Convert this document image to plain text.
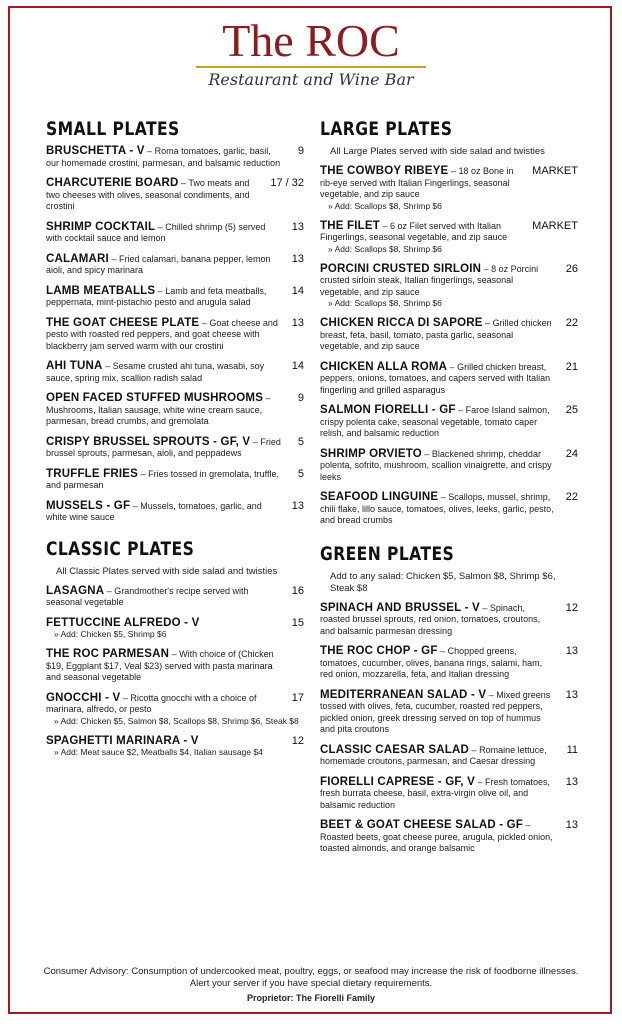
The ROC
Restaurant and Wine Bar
SMALL PLATES
BRUSCHETTA - V – Roma tomatoes, garlic, basil, our homemade crostini, parmesan, and balsamic reduction
9
CHARCUTERIE BOARD – Two meats and two cheeses with olives, seasonal condiments, and crostini
17 / 32
SHRIMP COCKTAIL – Chilled shrimp (5) served with cocktail sauce and lemon
13
CALAMARI – Fried calamari, banana pepper, lemon aioli, and spicy marinara
13
LAMB MEATBALLS – Lamb and feta meatballs, peppernata, mint-pistachio pesto and arugula salad
14
THE GOAT CHEESE PLATE – Goat cheese and pesto with roasted red peppers, and goat cheese with blackberry jam served warm with our crostini
13
AHI TUNA – Sesame crusted ahi tuna, wasabi, soy sauce, spring mix, scallion radish salad
14
OPEN FACED STUFFED MUSHROOMS – Mushrooms, Italian sausage, white wine cream sauce, parmesan, bread crumbs, and gremolata
9
CRISPY BRUSSEL SPROUTS - GF, V – Fried brussel sprouts, parmesan, aioli, and peppadews
5
TRUFFLE FRIES – Fries tossed in gremolata, truffle, and parmesan
5
MUSSELS - GF – Mussels, tomatoes, garlic, and white wine sauce
13
CLASSIC PLATES
All Classic Plates served with side salad and twisties
LASAGNA – Grandmother's recipe served with seasonal vegetable
16
FETTUCCINE ALFREDO - V
» Add: Chicken $5, Shrimp $6
15
THE ROC PARMESAN – With choice of (Chicken $19, Eggplant $17, Veal $23) served with pasta marinara and seasonal vegetable
GNOCCHI - V – Ricotta gnocchi with a choice of marinara, alfredo, or pesto
» Add: Chicken $5, Salmon $8, Scallops $8, Shrimp $6, Steak $8
17
SPAGHETTI MARINARA - V
» Add: Meat sauce $2, Meatballs $4, Italian sausage $4
12
LARGE PLATES
All Large Plates served with side salad and twisties
THE COWBOY RIBEYE – 18 oz Bone in rib-eye served with Italian Fingerlings, seasonal vegetable, and zip sauce
» Add: Scallops $8, Shrimp $6
MARKET
THE FILET – 6 oz Filet served with Italian Fingerlings, seasonal vegetable, and zip sauce
» Add: Scallops $8, Shrimp $6
MARKET
PORCINI CRUSTED SIRLOIN – 8 oz Porcini crusted sirloin steak, Italian fingerlings, seasonal vegetable, and zip sauce
» Add: Scallops $8, Shrimp $6
26
CHICKEN RICCA DI SAPORE – Grilled chicken breast, feta, basil, tomato, pasta garlic, seasonal vegetable, and zip sauce
22
CHICKEN ALLA ROMA – Grilled chicken breast, peppers, onions, tomatoes, and capers served with Italian fingerling and grilled asparagus
21
SALMON FIORELLI - GF – Faroe Island salmon, crispy polenta cake, seasonal vegetable, tomato caper relish, and balsamic reduction
25
SHRIMP ORVIETO – Blackened shrimp, cheddar polenta, sofrito, mushroom, scallion vinaigrette, and crispy leeks
24
SEAFOOD LINGUINE – Scallops, mussel, shrimp, chili flake, lillo sauce, tomatoes, olives, leeks, garlic, pesto, and bread crumbs
22
GREEN PLATES
Add to any salad: Chicken $5, Salmon $8, Shrimp $6, Steak $8
SPINACH AND BRUSSEL - V – Spinach, roasted brussel sprouts, red onion, tomatoes, croutons, and balsamic parmesan dressing
12
THE ROC CHOP - GF – Chopped greens, tomatoes, cucumber, olives, banana rings, salami, ham, red onion, mozzarella, feta, and Italian dressing
13
MEDITERRANEAN SALAD - V – Mixed greens tossed with olives, feta, cucumber, roasted red peppers, pickled onion, greek dressing served on top of hummus and pita croutons
13
CLASSIC CAESAR SALAD – Romaine lettuce, homemade croutons, parmesan, and Caesar dressing
11
FIORELLI CAPRESE - GF, V – Fresh tomatoes, fresh burrata cheese, basil, extra-virgin olive oil, and balsamic reduction
13
BEET & GOAT CHEESE SALAD - GF – Roasted beets, goat cheese puree, arugula, pickled onion, toasted almonds, and orange balsamic
13
Consumer Advisory: Consumption of undercooked meat, poultry, eggs, or seafood may increase the risk of foodborne illnesses. Alert your server if you have special dietary requirements.
Proprietor: The Fiorelli Family
